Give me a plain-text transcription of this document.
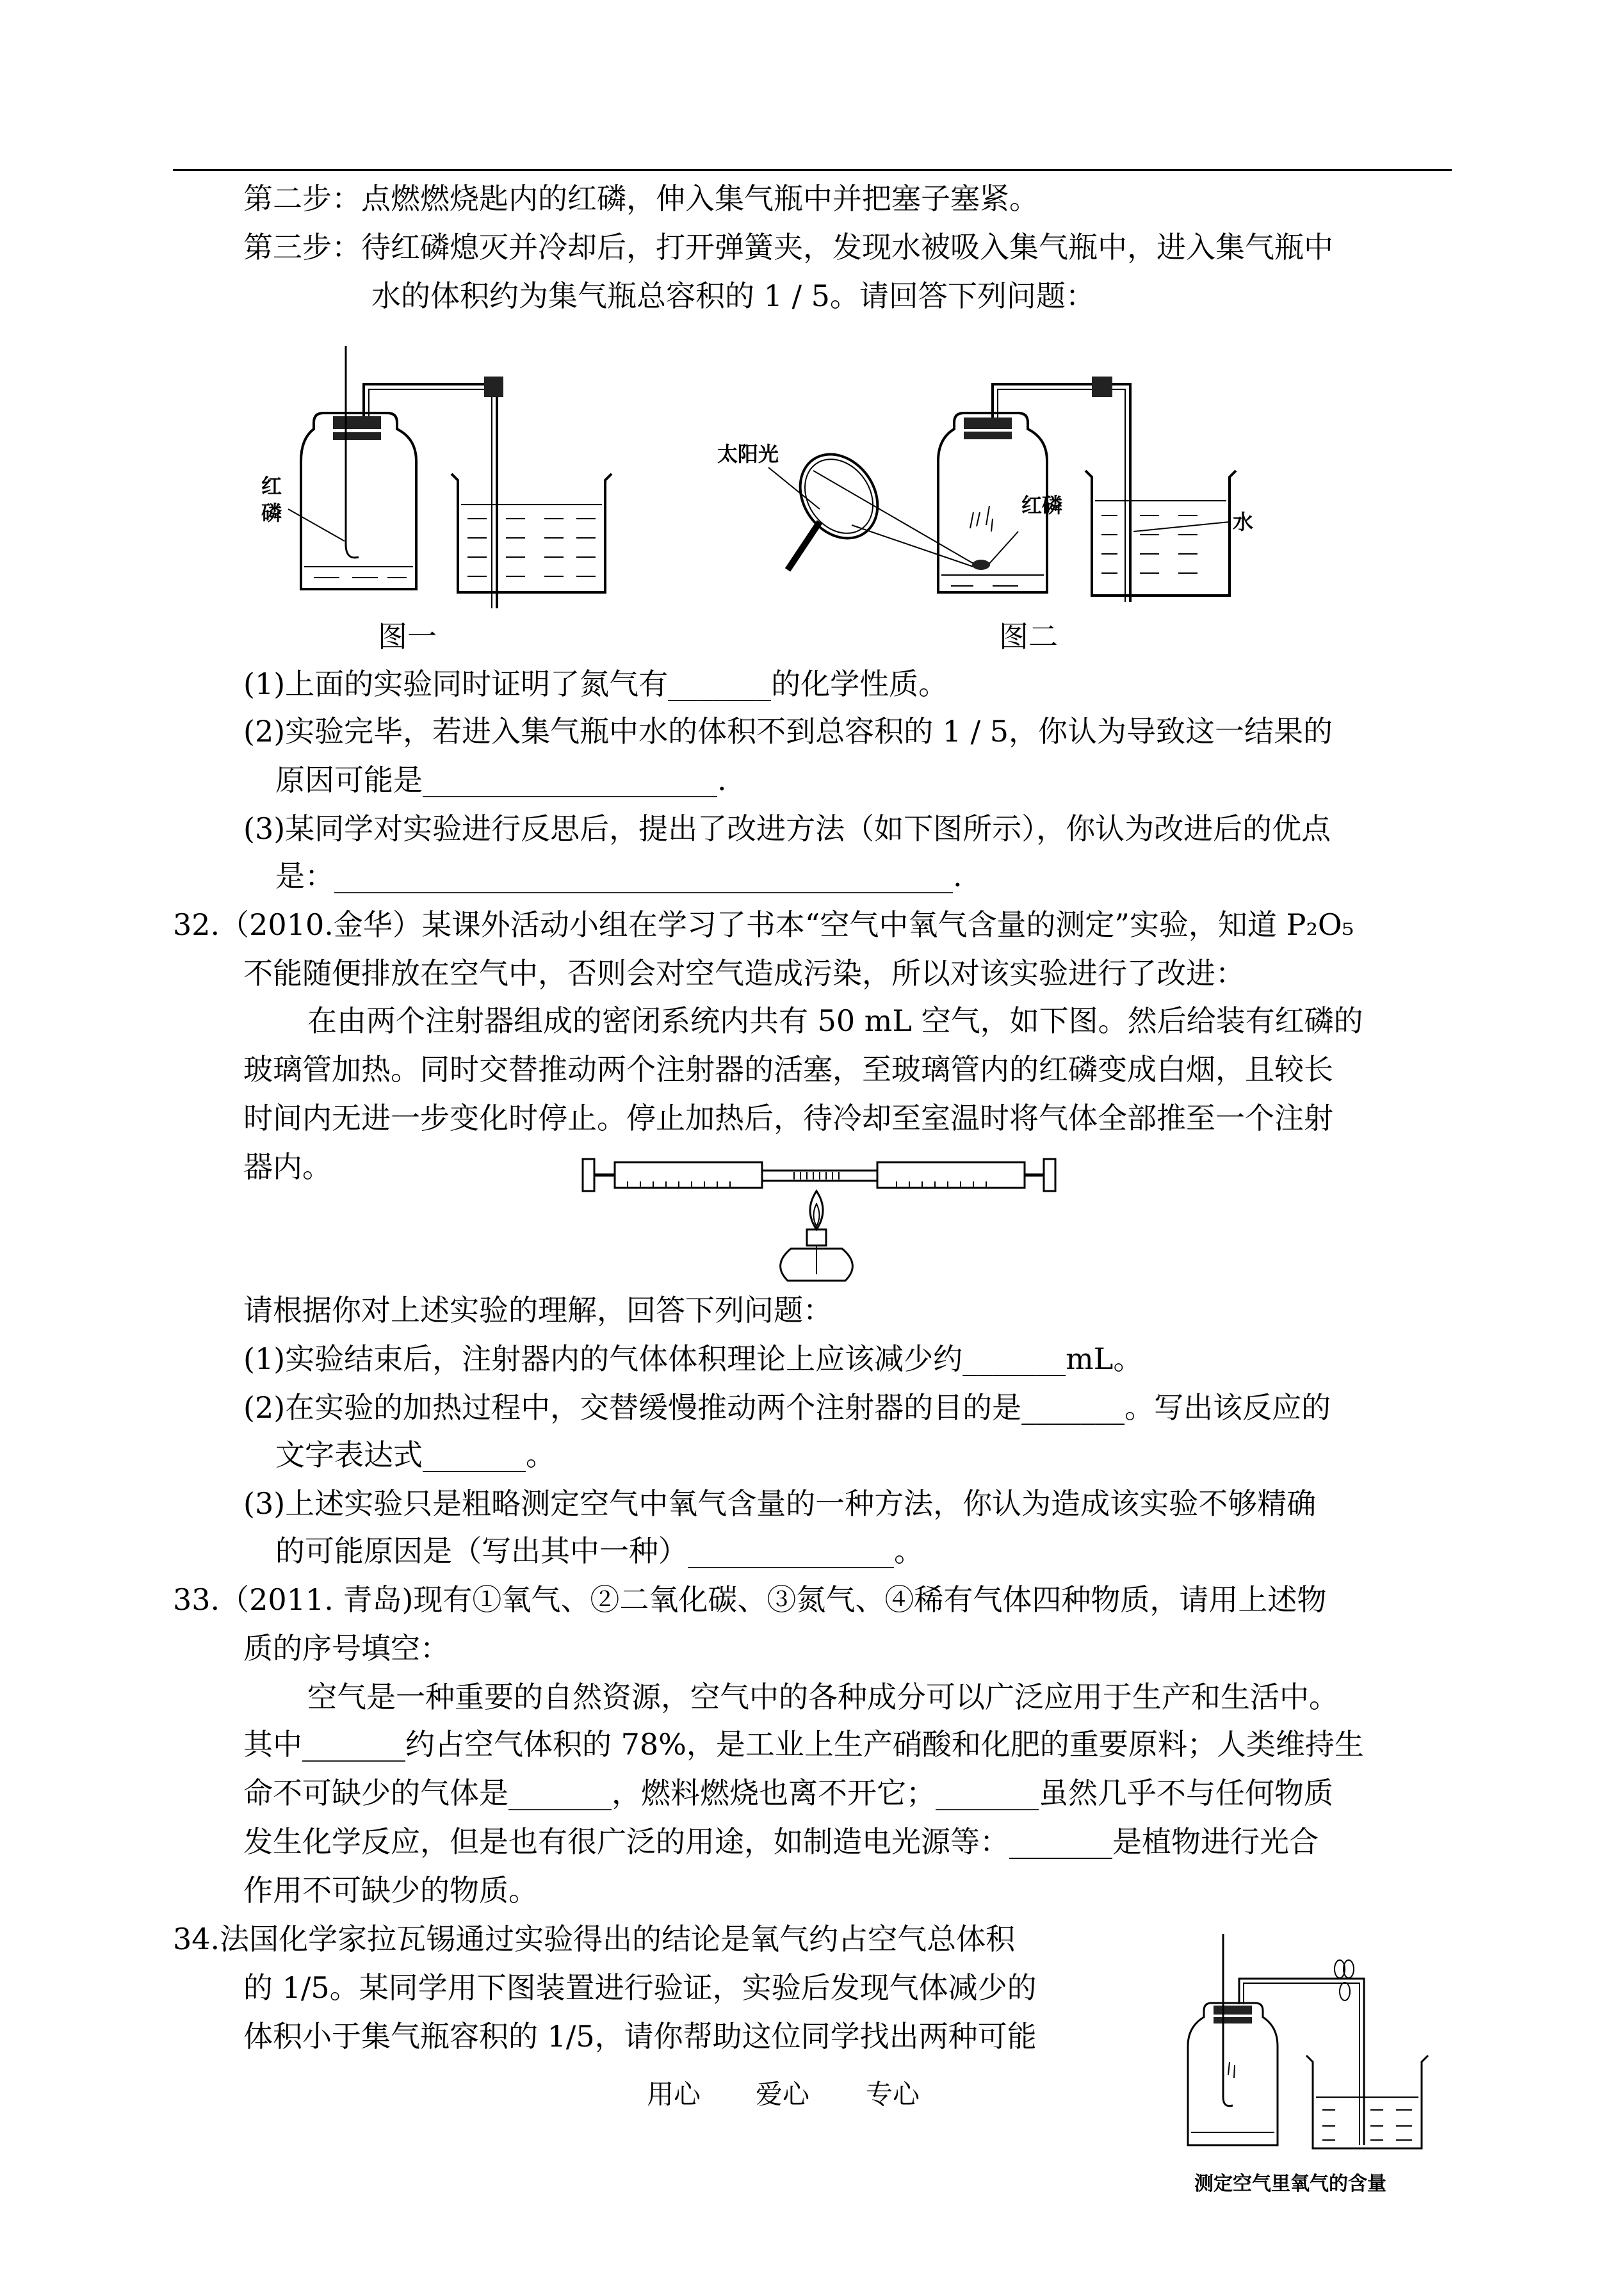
第二步：点燃燃烧匙内的红磷，伸入集气瓶中并把塞子塞紧。
第三步：待红磷熄灭并冷却后，打开弹簧夹，发现水被吸入集气瓶中，进入集气瓶中
水的体积约为集气瓶总容积的 1 / 5。请回答下列问题：
(1)上面的实验同时证明了氮气有_______的化学性质。
(2)实验完毕，若进入集气瓶中水的体积不到总容积的 1 / 5，你认为导致这一结果的
原因可能是____________________.
(3)某同学对实验进行反思后，提出了改进方法（如下图所示），你认为改进后的优点
是：__________________________________________.
32.（2010.金华）某课外活动小组在学习了书本“空气中氧气含量的测定”实验，知道 P₂O₅
不能随便排放在空气中，否则会对空气造成污染，所以对该实验进行了改进：
在由两个注射器组成的密闭系统内共有 50 mL 空气，如下图。然后给装有红磷的
玻璃管加热。同时交替推动两个注射器的活塞，至玻璃管内的红磷变成白烟，且较长
时间内无进一步变化时停止。停止加热后，待冷却至室温时将气体全部推至一个注射
器内。
请根据你对上述实验的理解，回答下列问题：
(1)实验结束后，注射器内的气体体积理论上应该减少约_______mL。
(2)在实验的加热过程中，交替缓慢推动两个注射器的目的是_______。写出该反应的
文字表达式_______。
(3)上述实验只是粗略测定空气中氧气含量的一种方法，你认为造成该实验不够精确
的可能原因是（写出其中一种）______________。
33.（2011. 青岛)现有①氧气、②二氧化碳、③氮气、④稀有气体四种物质，请用上述物
质的序号填空：
空气是一种重要的自然资源，空气中的各种成分可以广泛应用于生产和生活中。
其中_______约占空气体积的 78%，是工业上生产硝酸和化肥的重要原料；人类维持生
命不可缺少的气体是_______，燃料燃烧也离不开它；_______虽然几乎不与任何物质
发生化学反应，但是也有很广泛的用途，如制造电光源等：_______是植物进行光合
作用不可缺少的物质。
34.法国化学家拉瓦锡通过实验得出的结论是氧气约占空气总体积
的 1/5。某同学用下图装置进行验证，实验后发现气体减少的
体积小于集气瓶容积的 1/5，请你帮助这位同学找出两种可能
红
磷
太阳光
红磷
水
图一	图二
测定空气里氧气的含量
用心 爱心 专心
